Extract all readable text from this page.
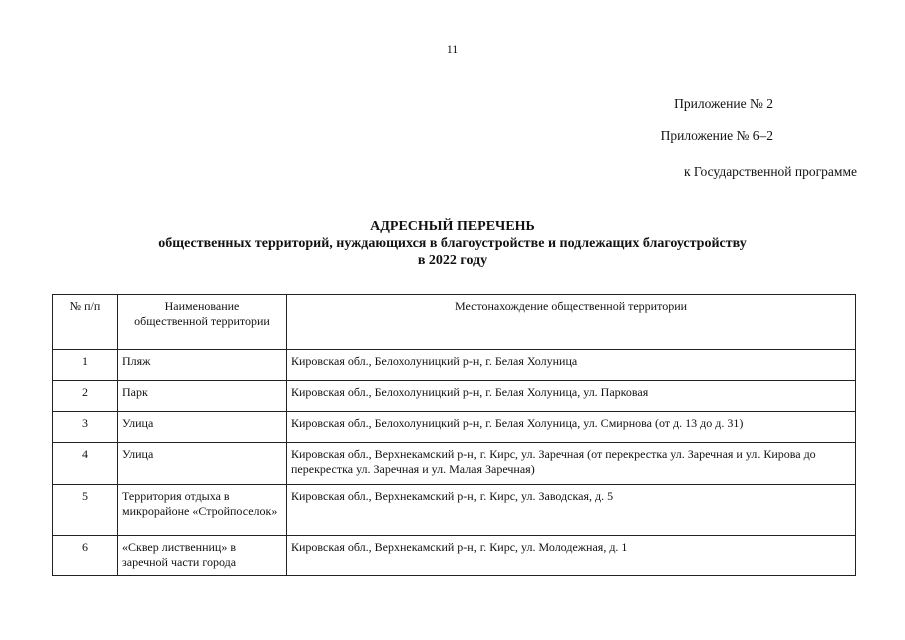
11
Приложение № 2
Приложение № 6–2
к Государственной программе
АДРЕСНЫЙ ПЕРЕЧЕНЬ
общественных территорий, нуждающихся в благоустройстве и подлежащих благоустройству
в 2022 году
№ п/п	Наименование общественной территории	Местонахождение общественной территории
1	Пляж	Кировская обл., Белохолуницкий р-н, г. Белая Холуница
2	Парк	Кировская обл., Белохолуницкий р-н, г. Белая Холуница, ул. Парковая
3	Улица	Кировская обл., Белохолуницкий р-н, г. Белая Холуница, ул. Смирнова (от д. 13 до д. 31)
4	Улица	Кировская обл., Верхнекамский р-н, г. Кирс, ул. Заречная (от перекрестка ул. Заречная и ул. Кирова до перекрестка ул. Заречная и ул. Малая Заречная)
5	Территория отдыха в микрорайоне «Стройпоселок»	Кировская обл., Верхнекамский р-н, г. Кирс, ул. Заводская, д. 5
6	«Сквер лиственниц» в заречной части города	Кировская обл., Верхнекамский р-н, г. Кирс, ул. Молодежная, д. 1
